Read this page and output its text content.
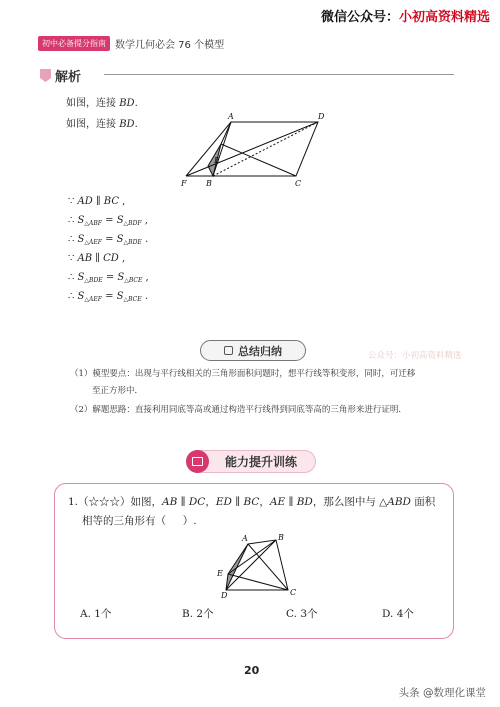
微信公众号：小初高资料精选
初中必备提分指南 数学几何必会 76 个模型
解析
如图，连接 BD.
如图，连接 BD.
A	D
E
F B	C
∵ AD ∥ BC ,
∴ $S_{\triangle ABF} = S_{\triangle BDF}$ ,
∴ $S_{\triangle AEF} = S_{\triangle BDE}$ .
∵ AB ∥ CD ,
∴ $S_{\triangle BDE} = S_{\triangle BCE}$ ,
∴ $S_{\triangle AEF} = S_{\triangle BCE}$ .
总结归纳	公众号：小初高资料精选
（1）模型要点：出现与平行线相关的三角形面积问题时，想平行线等积变形，同时，可迁移
至正方形中．
（2）解题思路：直接利用同底等高或通过构造平行线得到同底等高的三角形来进行证明．
能力提升训练
1.（☆☆☆）如图，AB ∥ DC，ED ∥ BC，AE ∥ BD，那么图中与 △ABD 面积
相等的三角形有（     ）.
A	B
E
C
D
A. 1个	B. 2个	C. 3个	D. 4个
20
头条 @数理化课堂
